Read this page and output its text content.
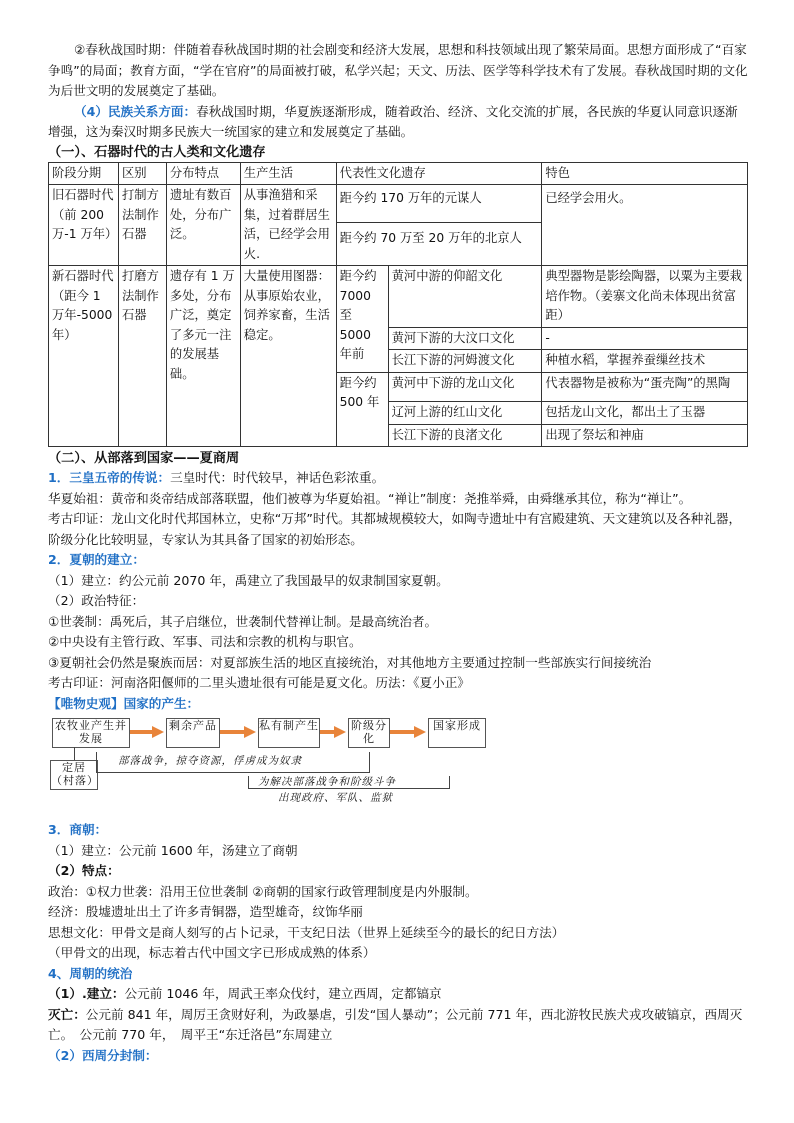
②春秋战国时期：伴随着春秋战国时期的社会剧变和经济大发展，思想和科技领域出现了繁荣局面。思想方面形成了“百家争鸣”的局面；教育方面，“学在官府”的局面被打破，私学兴起；天文、历法、医学等科学技术有了发展。春秋战国时期的文化为后世文明的发展奠定了基础。

（4）民族关系方面：春秋战国时期，华夏族逐渐形成，随着政治、经济、文化交流的扩展，各民族的华夏认同意识逐渐增强，这为秦汉时期多民族大一统国家的建立和发展奠定了基础。

（一）、石器时代的古人类和文化遗存
阶段分期	区别	分布特点	生产生活	代表性文化遗存		特色
旧石器时代（前 200 万-1 万年）	打制方法制作石器	遗址有数百处，分布广泛。	从事渔猎和采集，过着群居生活，已经学会用火.	距今约 170 万年的元谋人		已经学会用火。
				距今约 70 万至 20 万年的北京人		
新石器时代（距今 1 万年-5000 年）	打磨方法制作石器	遗存有 1 万多处，分布广泛，奠定了多元一注的发展基础。	大量使用图器：从事原始农业，饲养家畜，生活稳定。	距今约 7000 至 5000 年前	黄河中游的仰韶文化	典型器物是影绘陶器，以粟为主要栽培作物。（姜寨文化尚未体现出贫富距）
					黄河下游的大汶口文化	-
					长江下游的河姆渡文化	种植水稻，掌握养蚕缫丝技术
				距今约 500 年	黄河中下游的龙山文化	代表器物是被称为“蛋壳陶”的黑陶
					辽河上游的红山文化	包括龙山文化，都出土了玉器
					长江下游的良渚文化	出现了祭坛和神庙
（二）、从部落到国家——夏商周

1．三皇五帝的传说：三皇时代：时代较早，神话色彩浓重。

华夏始祖：黄帝和炎帝结成部落联盟，他们被尊为华夏始祖。“禅让”制度：尧推举舜，由舜继承其位，称为“禅让”。

考古印证：龙山文化时代邦国林立，史称“万邦”时代。其都城规模较大，如陶寺遗址中有宫殿建筑、天文建筑以及各种礼器，阶级分化比较明显，专家认为其具备了国家的初始形态。

2．夏朝的建立：

（1）建立：约公元前 2070 年，禹建立了我国最早的奴隶制国家夏朝。

（2）政治特征：

①世袭制：禹死后，其子启继位，世袭制代替禅让制。是最高统治者。

②中央设有主管行政、军事、司法和宗教的机构与职官。

③夏朝社会仍然是聚族而居：对夏部族生活的地区直接统治，对其他地方主要通过控制一些部族实行间接统治

考古印证：河南洛阳偃师的二里头遗址很有可能是夏文化。历法：《夏小正》

【唯物史观】国家的产生：

农牧业产生并发展
剩余产品	私有制产生	阶级分化
国家形成
定居（村落）
部落战争，掠夺资源，俘虏成为奴隶
为解决部落战争和阶级斗争
出现政府、军队、监狱

3．商朝：

（1）建立：公元前 1600 年，汤建立了商朝

（2）特点：

政治：①权力世袭：沿用王位世袭制 ②商朝的国家行政管理制度是内外服制。

经济：殷墟遗址出土了许多青铜器，造型雄奇，纹饰华丽

思想文化：甲骨文是商人刻写的占卜记录，干支纪日法（世界上延续至今的最长的纪日方法）

（甲骨文的出现，标志着古代中国文字已形成成熟的体系）

4、周朝的统治

（1）.建立：公元前 1046 年，周武王率众伐纣，建立西周，定都镐京

灭亡：公元前 841 年，周厉王贪财好利，为政暴虐，引发“国人暴动”；公元前 771 年，西北游牧民族犬戎攻破镐京，西周灭亡。　公元前 770 年，　周平王“东迁洛邑”东周建立

（2）西周分封制：
